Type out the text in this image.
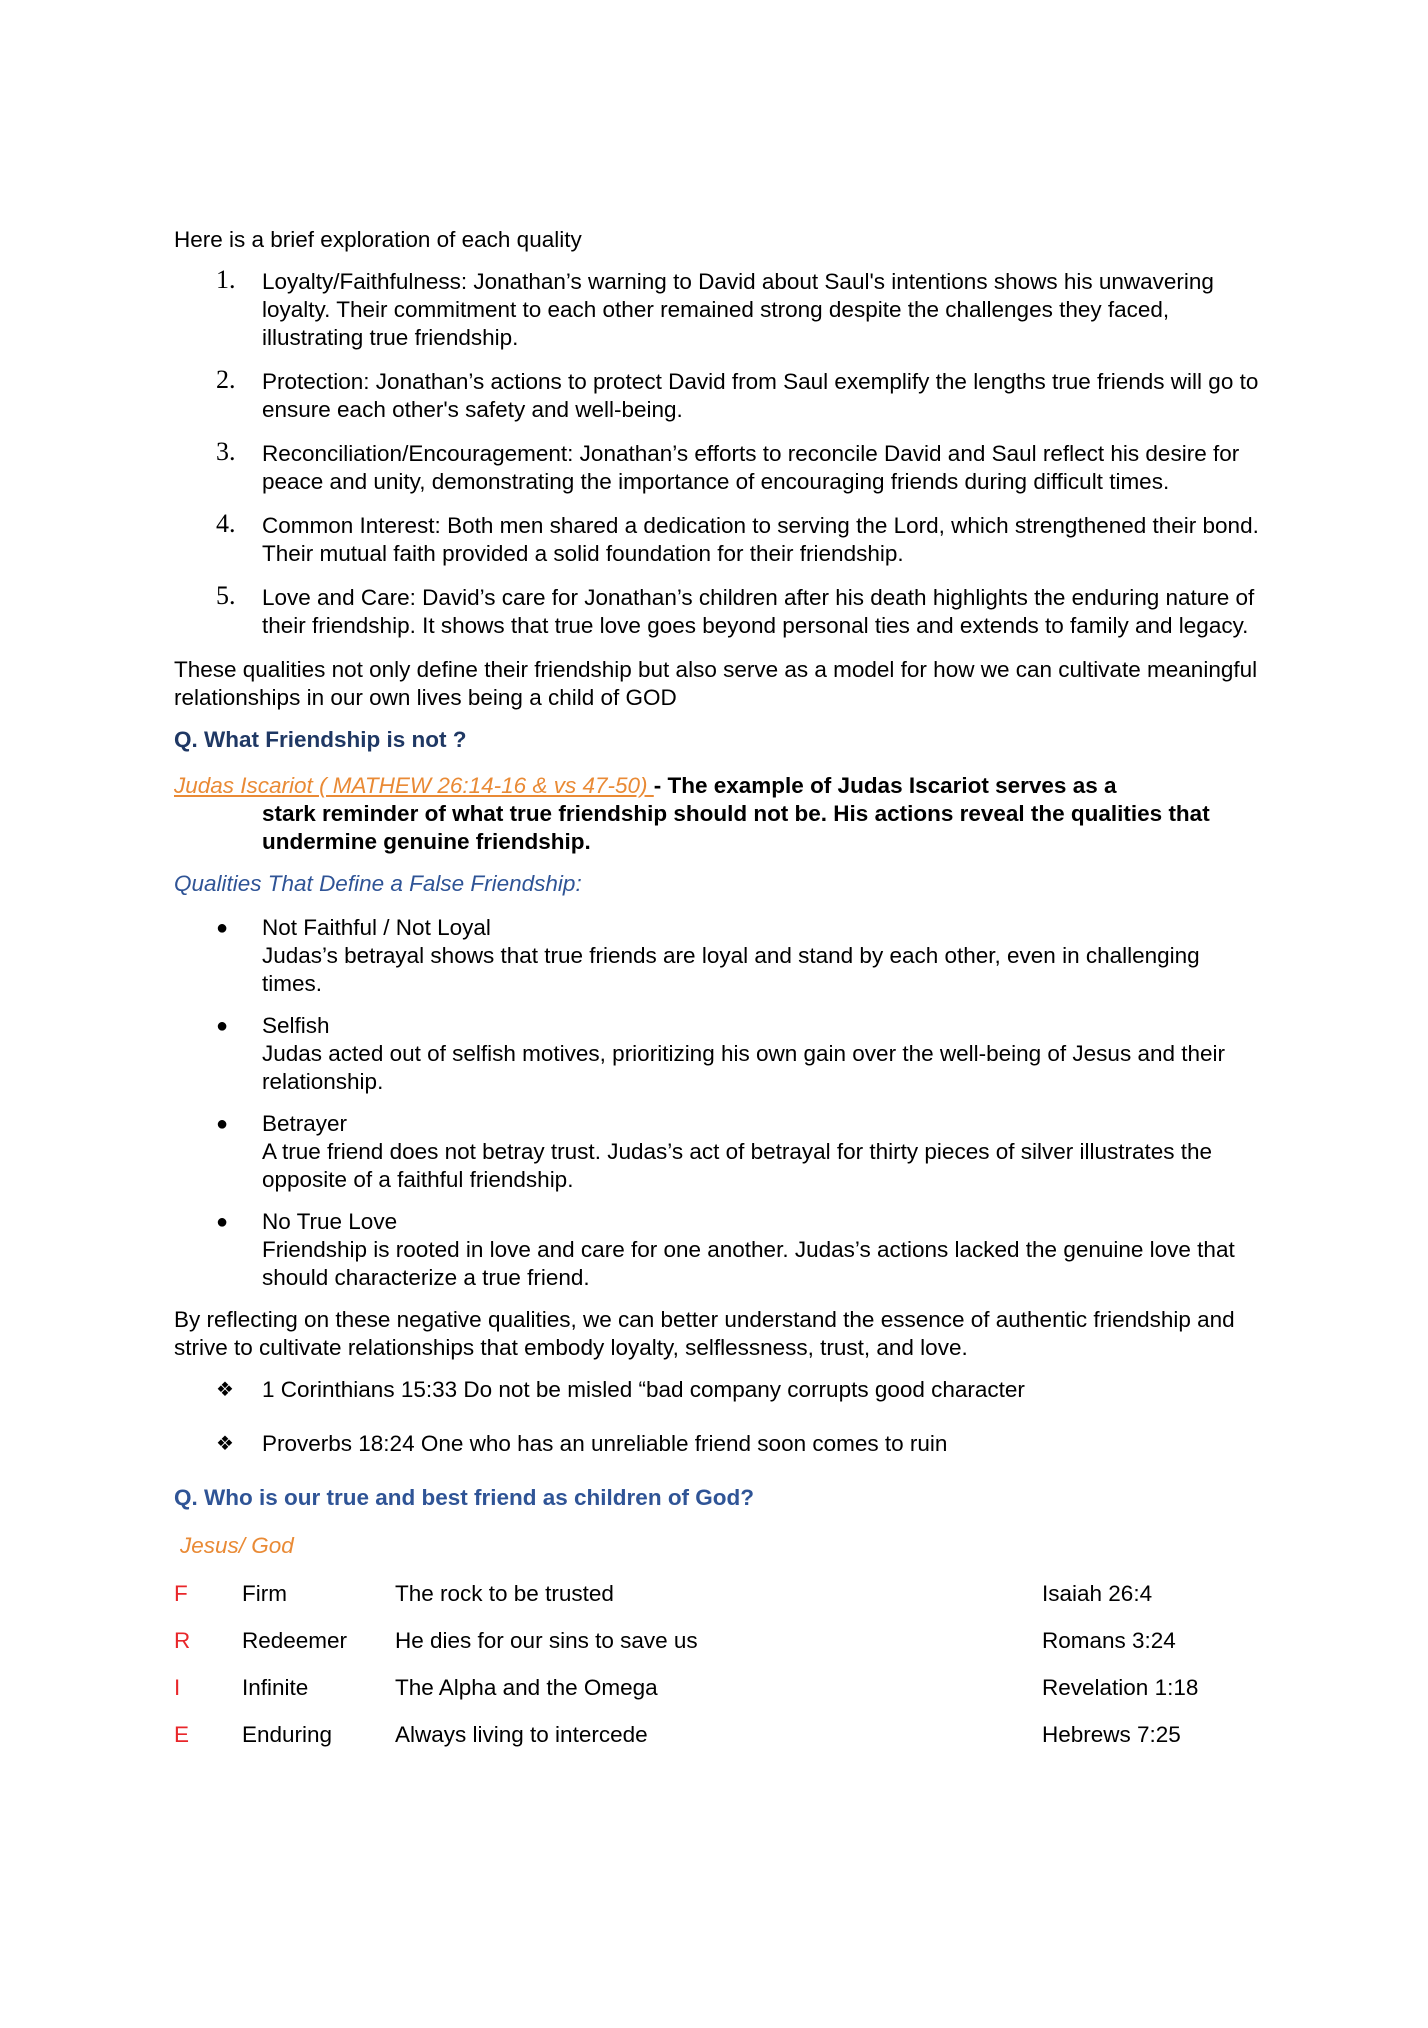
Here is a brief exploration of each quality

1. Loyalty/Faithfulness: Jonathan’s warning to David about Saul's intentions shows his unwavering loyalty. Their commitment to each other remained strong despite the challenges they faced, illustrating true friendship.
2. Protection: Jonathan’s actions to protect David from Saul exemplify the lengths true friends will go to ensure each other's safety and well-being.
3. Reconciliation/Encouragement: Jonathan’s efforts to reconcile David and Saul reflect his desire for peace and unity, demonstrating the importance of encouraging friends during difficult times.
4. Common Interest: Both men shared a dedication to serving the Lord, which strengthened their bond. Their mutual faith provided a solid foundation for their friendship.
5. Love and Care: David’s care for Jonathan’s children after his death highlights the enduring nature of their friendship. It shows that true love goes beyond personal ties and extends to family and legacy.

These qualities not only define their friendship but also serve as a model for how we can cultivate meaningful relationships in our own lives being a child of GOD

Q. What Friendship is not ?
Judas Iscariot ( MATHEW 26:14-16 & vs 47-50) - The example of Judas Iscariot serves as a
stark reminder of what true friendship should not be. His actions reveal the qualities that undermine genuine friendship.
Qualities That Define a False Friendship:
● Not Faithful / Not Loyal
Judas’s betrayal shows that true friends are loyal and stand by each other, even in challenging times.
● Selfish
Judas acted out of selfish motives, prioritizing his own gain over the well-being of Jesus and their relationship.
● Betrayer
A true friend does not betray trust. Judas’s act of betrayal for thirty pieces of silver illustrates the opposite of a faithful friendship.
● No True Love
Friendship is rooted in love and care for one another. Judas’s actions lacked the genuine love that should characterize a true friend.

By reflecting on these negative qualities, we can better understand the essence of authentic friendship and strive to cultivate relationships that embody loyalty, selflessness, trust, and love.

❖ 1 Corinthians 15:33 Do not be misled “bad company corrupts good character
❖ Proverbs 18:24 One who has an unreliable friend soon comes to ruin
Q. Who is our true and best friend as children of God?
Jesus/ God
F	Firm	The rock to be trusted	Isaiah 26:4
R	Redeemer	He dies for our sins to save us	Romans 3:24
I	Infinite	The Alpha and the Omega	Revelation 1:18
E	Enduring	Always living to intercede	Hebrews 7:25
